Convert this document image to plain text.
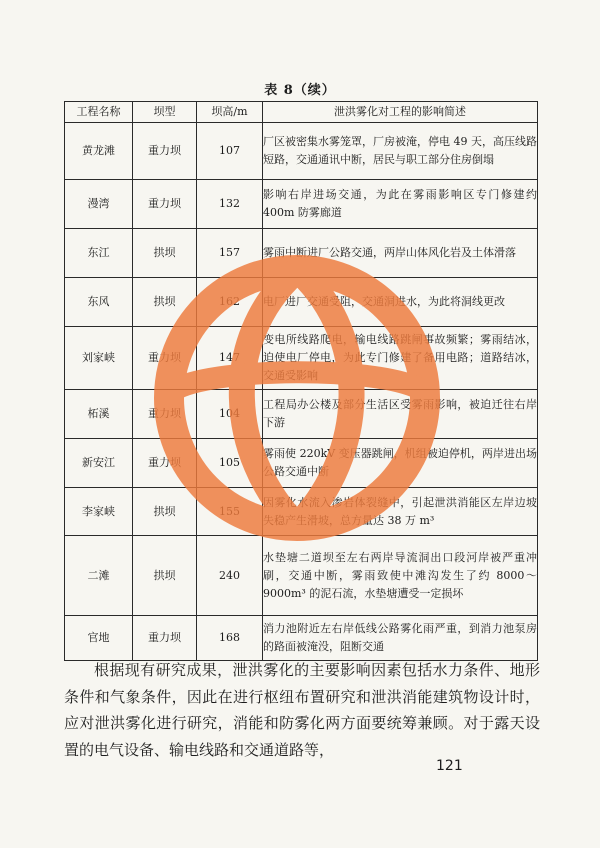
表 8（续）
工程名称	坝型	坝高/m	泄洪雾化对工程的影响简述
黄龙滩	重力坝	107	厂区被密集水雾笼罩，厂房被淹，停电 49 天，高压线路短路，交通通讯中断，居民与职工部分住房倒塌
漫湾	重力坝	132	影响右岸进场交通，为此在雾雨影响区专门修建约 400m 防雾廊道
东江	拱坝	157	雾雨中断进厂公路交通，两岸山体风化岩及土体滑落
东风	拱坝	162	电厂进厂交通受阻，交通洞进水，为此将洞线更改
刘家峡	重力坝	147	变电所线路爬电，输电线路跳闸事故频繁；雾雨结冰，迫使电厂停电，为此专门修建了备用电路；道路结冰，交通受影响
柘溪	重力坝	104	工程局办公楼及部分生活区受雾雨影响，被迫迁往右岸下游
新安江	重力坝	105	雾雨使 220kV 变压器跳闸，机组被迫停机，两岸进出场公路交通中断
李家峡	拱坝	155	因雾化水流入渗岩体裂缝中，引起泄洪消能区左岸边坡失稳产生滑坡，总方量达 38 万 m³
二滩	拱坝	240	水垫塘二道坝至左右两岸导流洞出口段河岸被严重冲刷，交通中断，雾雨致使中滩沟发生了约 8000～9000m³ 的泥石流，水垫塘遭受一定损坏
官地	重力坝	168	消力池附近左右岸低线公路雾化雨严重，到消力池泵房的路面被淹没，阻断交通
根据现有研究成果，泄洪雾化的主要影响因素包括水力条件、地形条件和气象条件，因此在进行枢纽布置研究和泄洪消能建筑物设计时，应对泄洪雾化进行研究，消能和防雾化两方面要统筹兼顾。对于露天设置的电气设备、输电线路和交通道路等，
121
